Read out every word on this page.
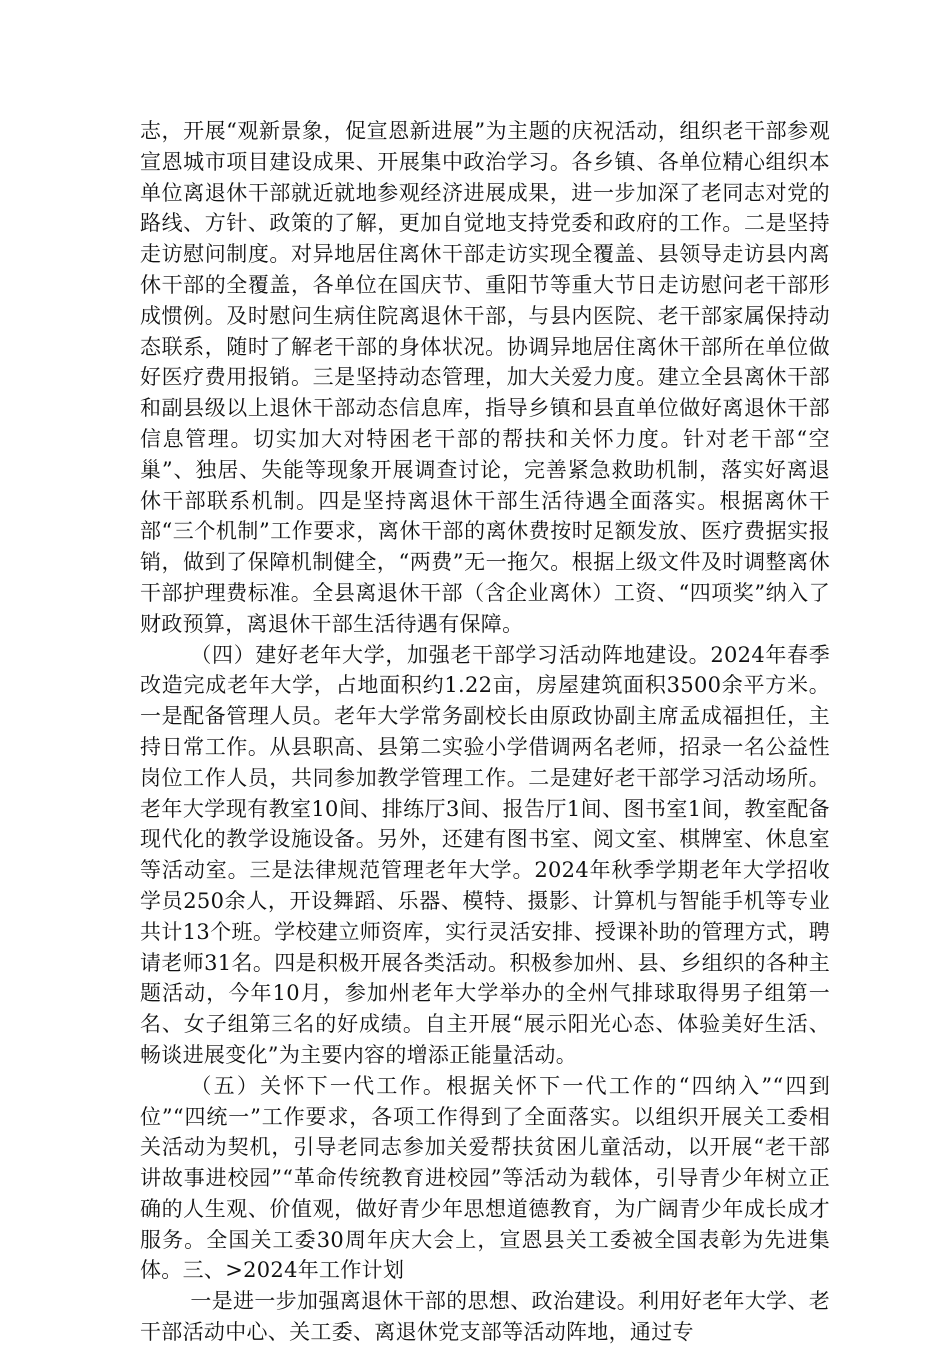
志，开展“观新景象，促宣恩新进展”为主题的庆祝活动，组织老干部参观宣恩城市项目建设成果、开展集中政治学习。各乡镇、各单位精心组织本单位离退休干部就近就地参观经济进展成果，进一步加深了老同志对党的路线、方针、政策的了解，更加自觉地支持党委和政府的工作。二是坚持走访慰问制度。对异地居住离休干部走访实现全覆盖、县领导走访县内离休干部的全覆盖，各单位在国庆节、重阳节等重大节日走访慰问老干部形成惯例。及时慰问生病住院离退休干部，与县内医院、老干部家属保持动态联系，随时了解老干部的身体状况。协调异地居住离休干部所在单位做好医疗费用报销。三是坚持动态管理，加大关爱力度。建立全县离休干部和副县级以上退休干部动态信息库，指导乡镇和县直单位做好离退休干部信息管理。切实加大对特困老干部的帮扶和关怀力度。针对老干部“空巢”、独居、失能等现象开展调查讨论，完善紧急救助机制，落实好离退休干部联系机制。四是坚持离退休干部生活待遇全面落实。根据离休干部“三个机制”工作要求，离休干部的离休费按时足额发放、医疗费据实报销，做到了保障机制健全，“两费”无一拖欠。根据上级文件及时调整离休干部护理费标准。全县离退休干部（含企业离休）工资、“四项奖”纳入了财政预算，离退休干部生活待遇有保障。

（四）建好老年大学，加强老干部学习活动阵地建设。2024年春季改造完成老年大学，占地面积约1.22亩，房屋建筑面积3500余平方米。一是配备管理人员。老年大学常务副校长由原政协副主席孟成福担任，主持日常工作。从县职高、县第二实验小学借调两名老师，招录一名公益性岗位工作人员，共同参加教学管理工作。二是建好老干部学习活动场所。老年大学现有教室10间、排练厅3间、报告厅1间、图书室1间，教室配备现代化的教学设施设备。另外，还建有图书室、阅文室、棋牌室、休息室等活动室。三是法律规范管理老年大学。2024年秋季学期老年大学招收学员250余人，开设舞蹈、乐器、模特、摄影、计算机与智能手机等专业共计13个班。学校建立师资库，实行灵活安排、授课补助的管理方式，聘请老师31名。四是积极开展各类活动。积极参加州、县、乡组织的各种主题活动，今年10月，参加州老年大学举办的全州气排球取得男子组第一名、女子组第三名的好成绩。自主开展“展示阳光心态、体验美好生活、畅谈进展变化”为主要内容的增添正能量活动。

（五）关怀下一代工作。根据关怀下一代工作的“四纳入”“四到位”“四统一”工作要求，各项工作得到了全面落实。以组织开展关工委相关活动为契机，引导老同志参加关爱帮扶贫困儿童活动，以开展“老干部讲故事进校园”“革命传统教育进校园”等活动为载体，引导青少年树立正确的人生观、价值观，做好青少年思想道德教育，为广阔青少年成长成才服务。全国关工委30周年庆大会上，宣恩县关工委被全国表彰为先进集体。三、>2024年工作计划

一是进一步加强离退休干部的思想、政治建设。利用好老年大学、老干部活动中心、关工委、离退休党支部等活动阵地，通过专
